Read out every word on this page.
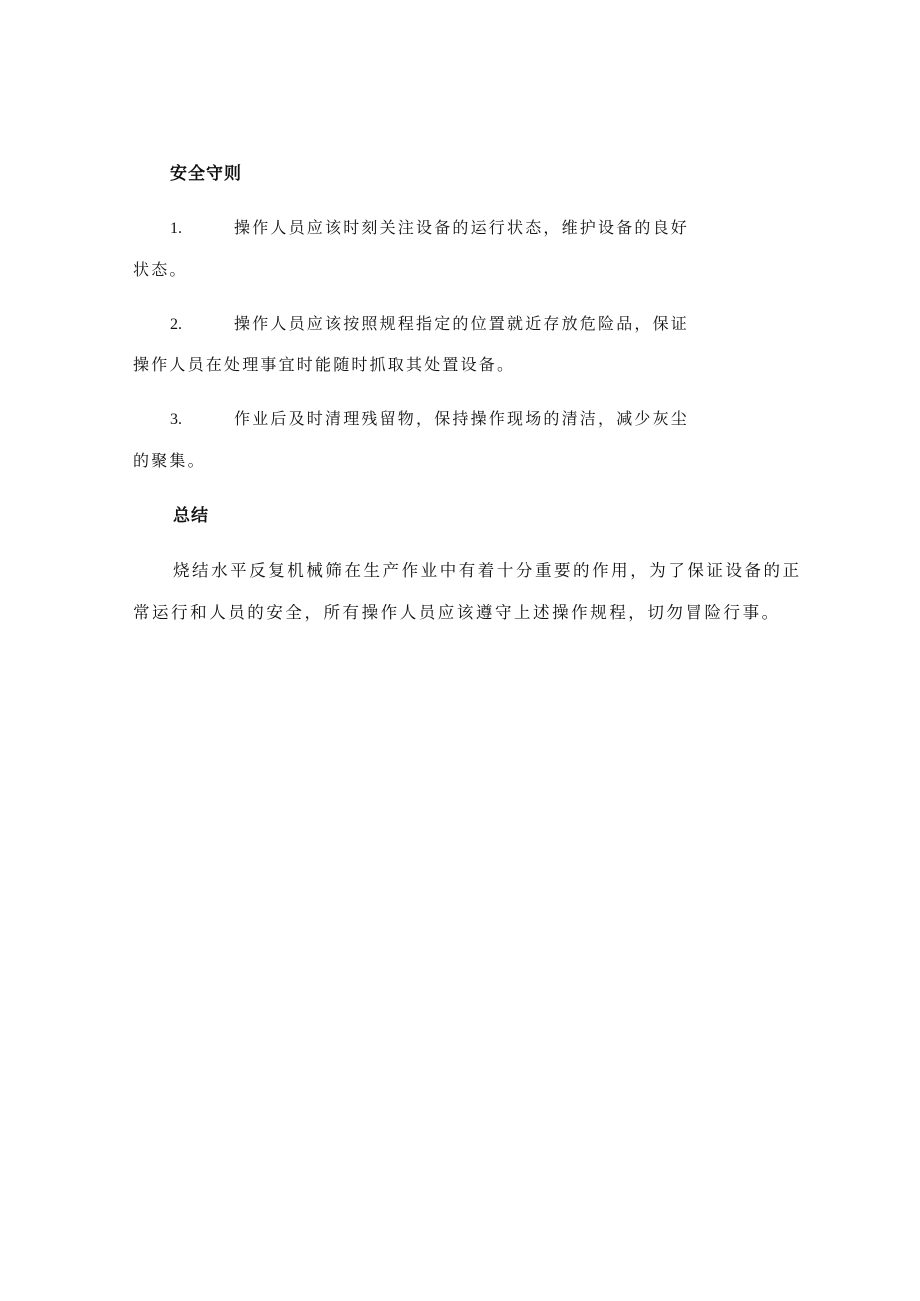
安全守则
1.	操作人员应该时刻关注设备的运行状态，维护设备的良好
状态。
2.	操作人员应该按照规程指定的位置就近存放危险品，保证
操作人员在处理事宜时能随时抓取其处置设备。
3.	作业后及时清理残留物，保持操作现场的清洁，减少灰尘
的聚集。
总结
烧结水平反复机械筛在生产作业中有着十分重要的作用，为了保证设备的正
常运行和人员的安全，所有操作人员应该遵守上述操作规程，切勿冒险行事。
